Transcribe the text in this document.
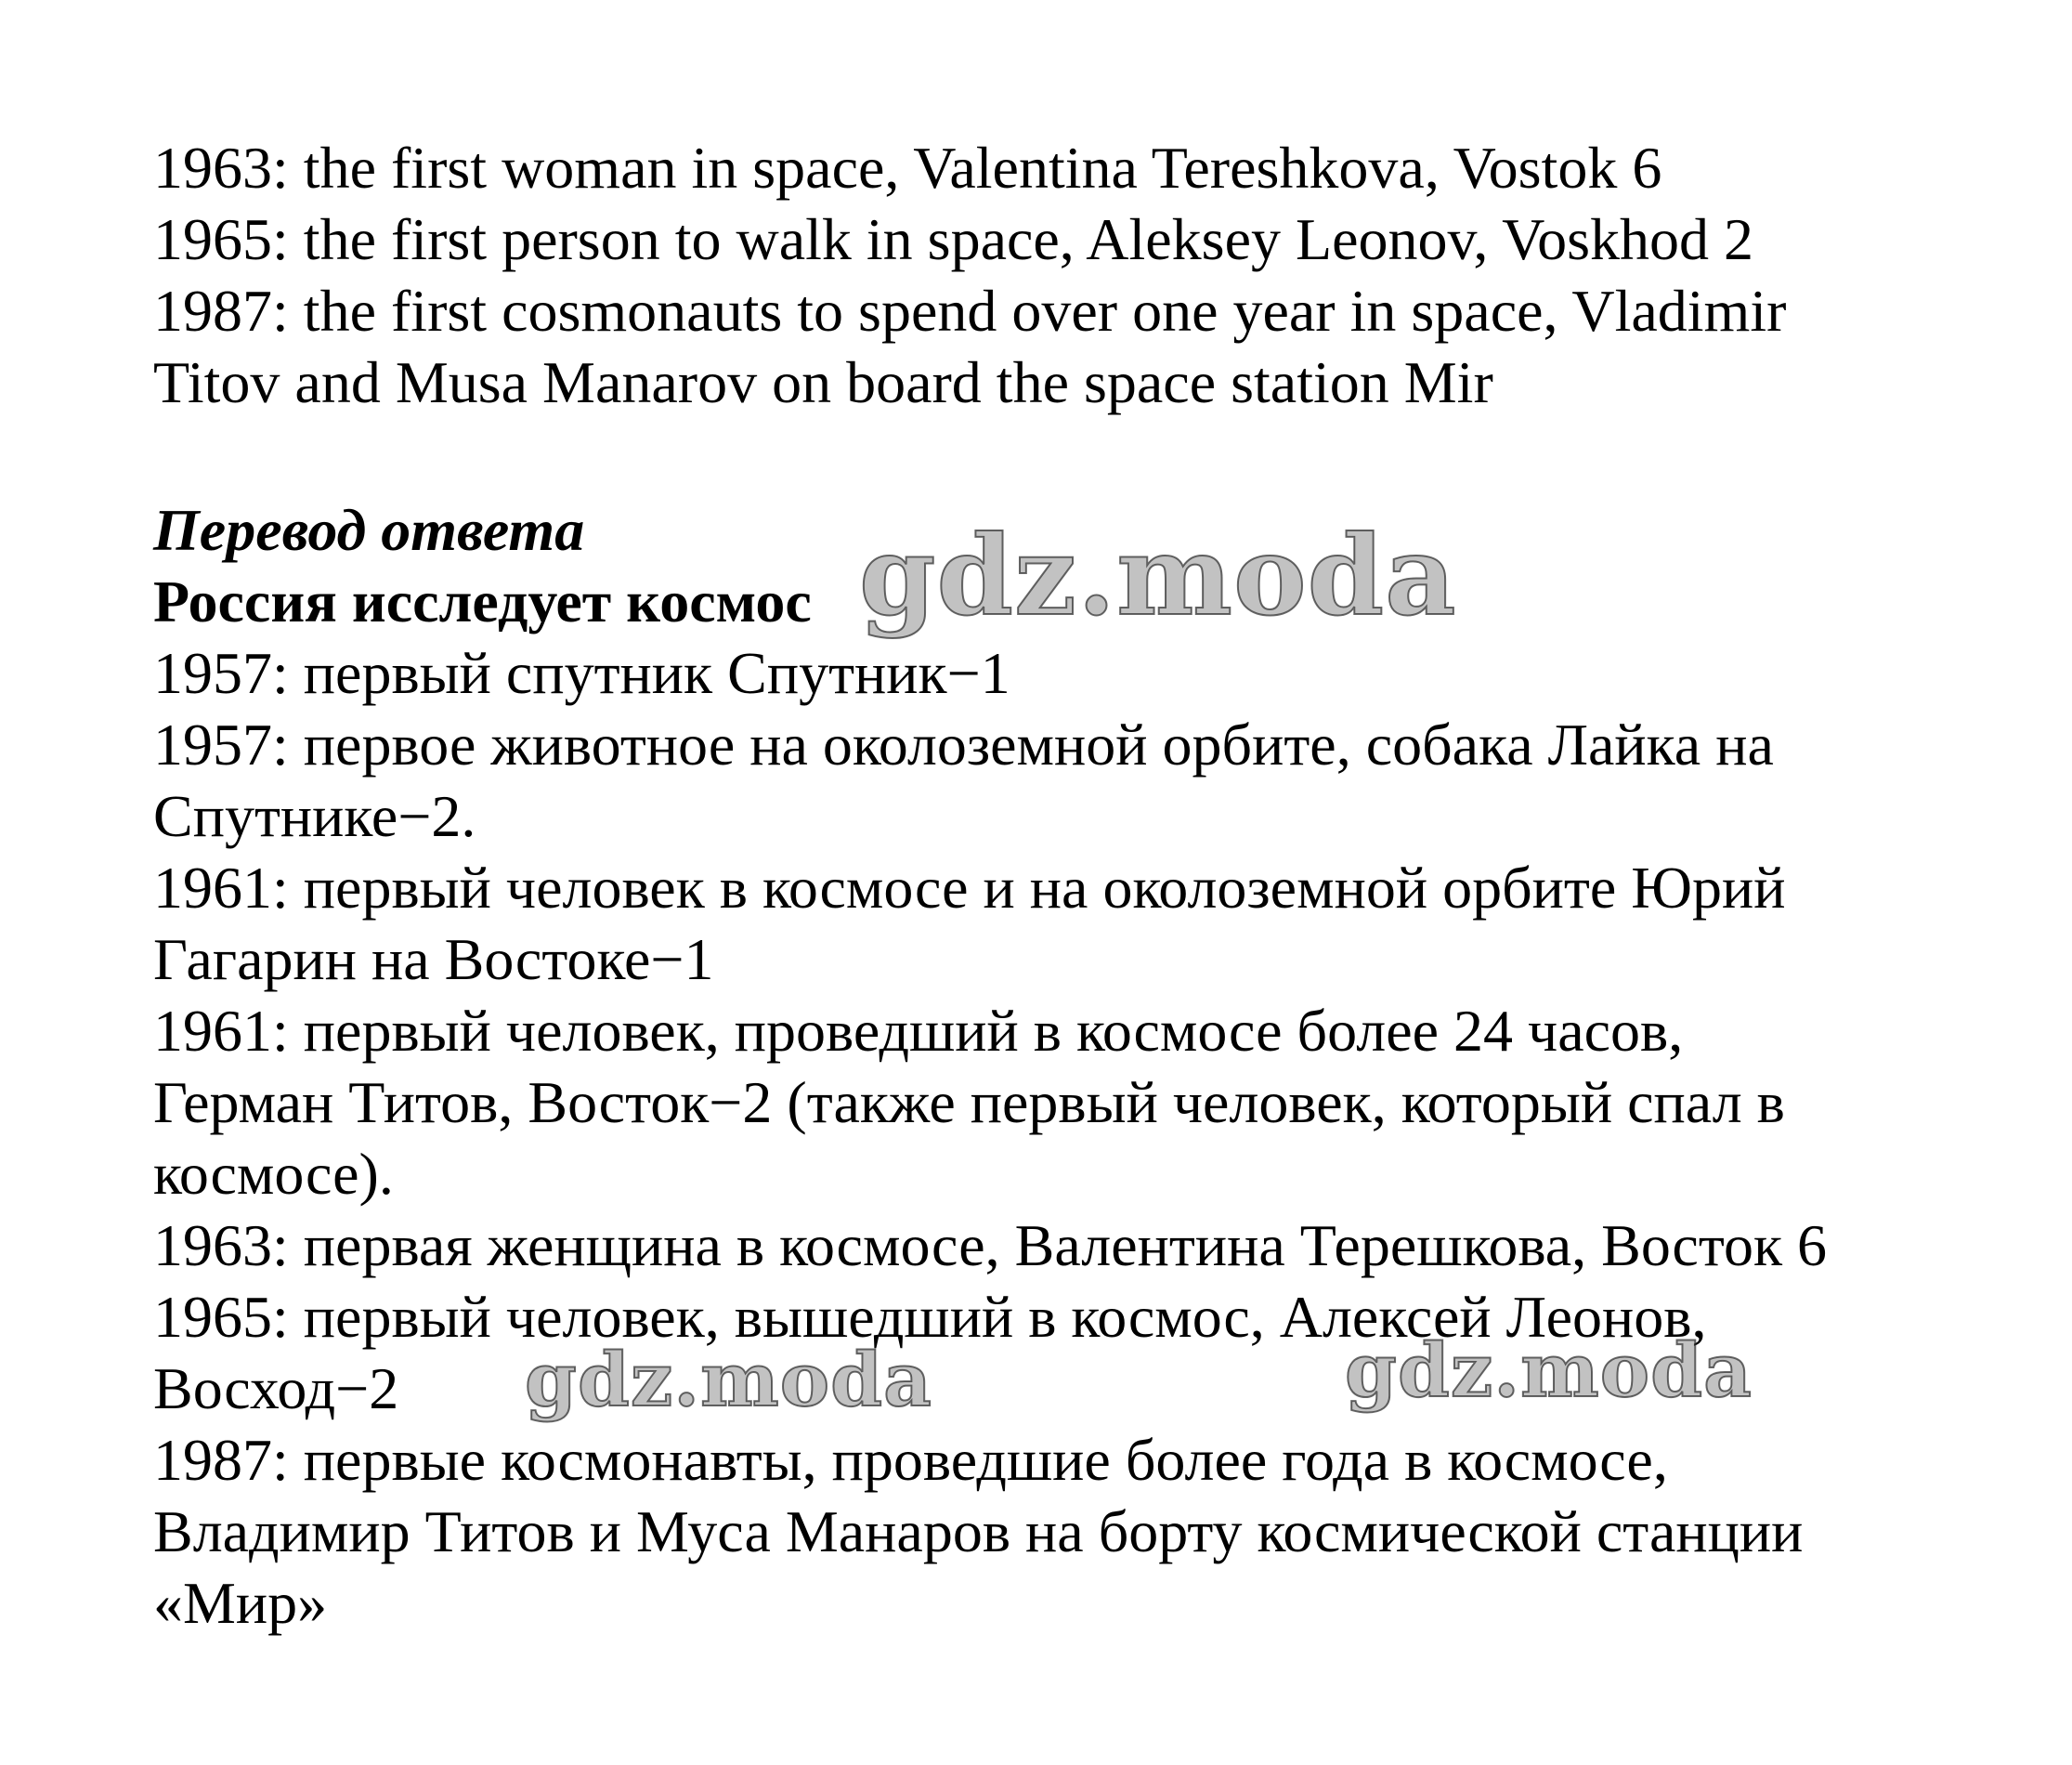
1963: the first woman in space, Valentina Tereshkova, Vostok 6
1965: the first person to walk in space, Aleksey Leonov, Voskhod 2
1987: the first cosmonauts to spend over one year in space, Vladimir
Titov and Musa Manarov on board the space station Mir
Перевод ответа
Россия исследует космос
1957: первый спутник Спутник−1
1957: первое животное на околоземной орбите, собака Лайка на
Спутнике−2.
1961: первый человек в космосе и на околоземной орбите Юрий
Гагарин на Востоке−1
1961: первый человек, проведший в космосе более 24 часов,
Герман Титов, Восток−2 (также первый человек, который спал в
космосе).
1963: первая женщина в космосе, Валентина Терешкова, Восток 6
1965: первый человек, вышедший в космос, Алексей Леонов,
Восход−2
1987: первые космонавты, проведшие более года в космосе,
Владимир Титов и Муса Манаров на борту космической станции
«Мир»
gdz.moda
gdz.moda	gdz.moda
